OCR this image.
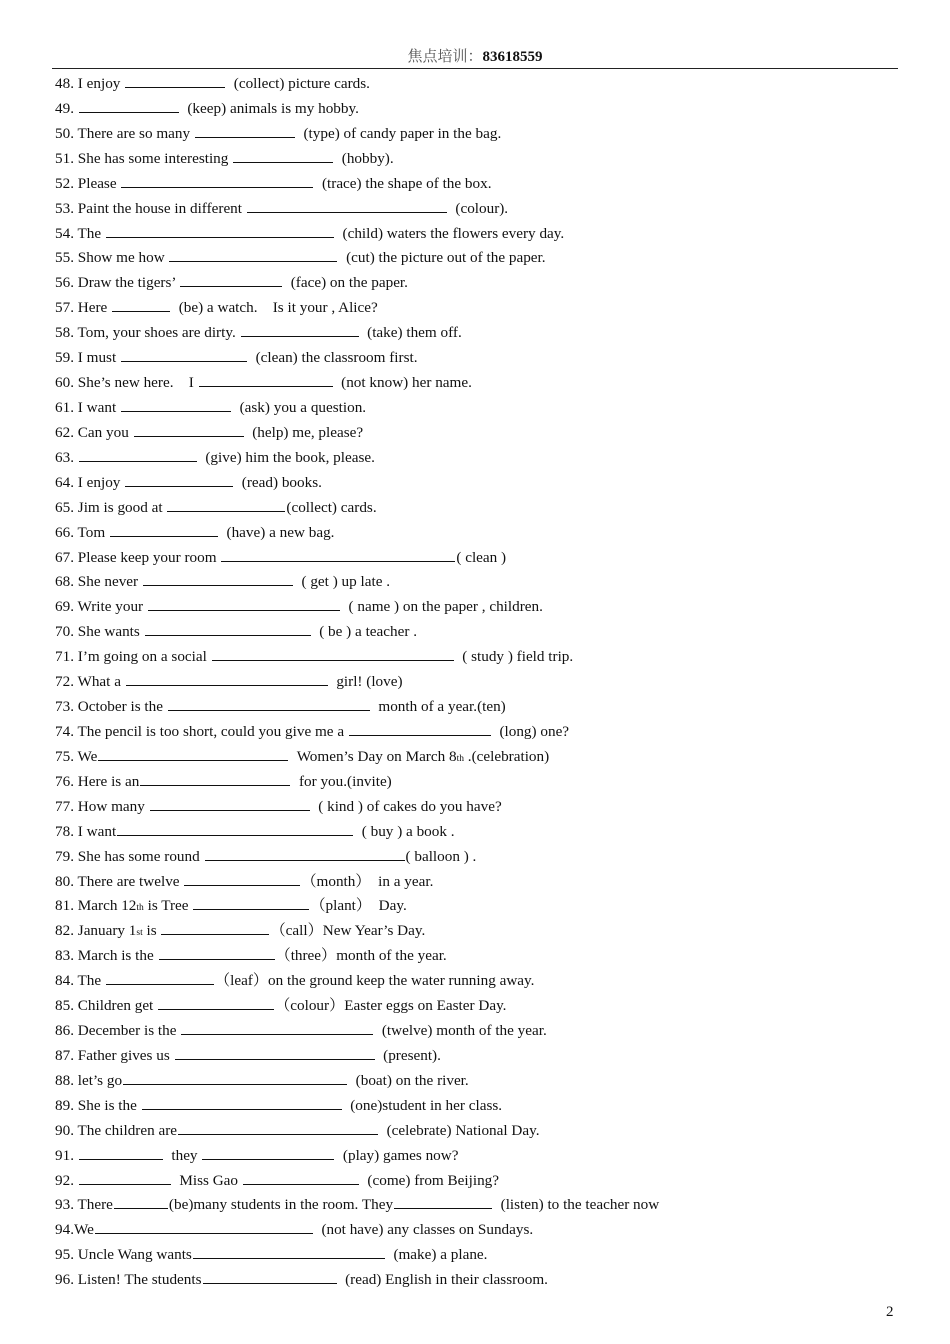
焦点培训：83618559
48. I enjoy	(collect) picture cards.
49.	(keep) animals is my hobby.
50. There are so many	(type) of candy paper in the bag.
51. She has some interesting	(hobby).
52. Please	(trace) the shape of the box.
53. Paint the house in different	(colour).
54. The	(child) waters the flowers every day.
55. Show me how	(cut) the picture out of the paper.
56. Draw the tigers’	(face) on the paper.
57. Here	(be) a watch.    Is it your , Alice?
58. Tom, your shoes are dirty.	(take) them off.
59. I must	(clean) the classroom first.
60. She’s new here.    I	(not know) her name.
61. I want	(ask) you a question.
62. Can you	(help) me, please?
63.	(give) him the book, please.
64. I enjoy	(read) books.
65. Jim is good at	(collect) cards.
66. Tom	(have) a new bag.
67. Please keep your room	( clean )
68. She never	( get ) up late .
69. Write your	( name ) on the paper , children.
70. She wants	( be ) a teacher .
71. I’m going on a social	( study ) field trip.
72. What a	girl! (love)
73. October is the	month of a year.(ten)
74. The pencil is too short, could you give me a	(long) one?
75. We	Women’s Day on March 8th .(celebration)
76. Here is an	for you.(invite)
77. How many	( kind ) of cakes do you have?
78. I want	( buy ) a book .
79. She has some round	( balloon ) .
80. There are twelve	（month）  in a year.
81. March 12th is Tree	（plant）  Day.
82. January 1st is	（call）New Year’s Day.
83. March is the	（three）month of the year.
84. The	（leaf）on the ground keep the water running away.
85. Children get	（colour）Easter eggs on Easter Day.
86. December is the	(twelve) month of the year.
87. Father gives us	(present).
88. let’s go	(boat) on the river.
89. She is the	(one)student in her class.
90. The children are	(celebrate) National Day.
91.	they	(play) games now?
92.	Miss Gao	(come) from Beijing?
93. There	(be)many students in the room. They	(listen) to the teacher now
94.We	(not have) any classes on Sundays.
95. Uncle Wang wants	(make) a plane.
96. Listen! The students	(read) English in their classroom.
2
